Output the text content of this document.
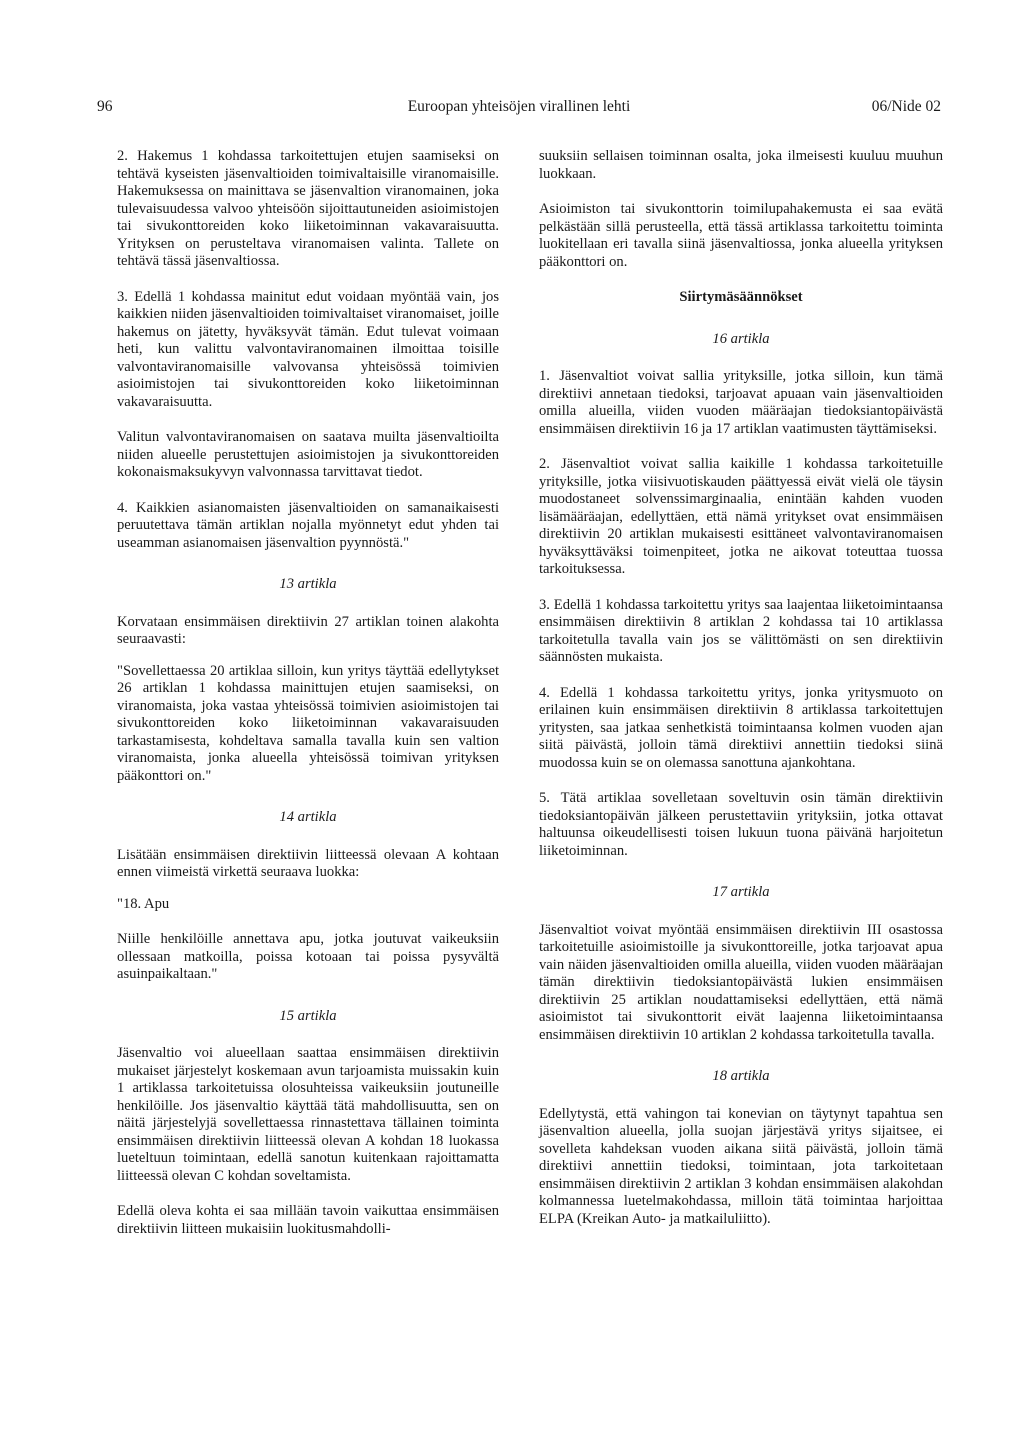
96	Euroopan yhteisöjen virallinen lehti	06/Nide 02

2. Hakemus 1 kohdassa tarkoitettujen etujen saamiseksi on tehtävä kyseisten jäsenvaltioiden toimivaltaisille viranomaisille. Hakemuksessa on mainittava se jäsenvaltion viranomainen, joka tulevaisuudessa valvoo yhteisöön sijoittautuneiden asioimistojen tai sivukonttoreiden koko liiketoiminnan vakavaraisuutta. Yrityksen on perusteltava viranomaisen valinta. Tallete on tehtävä tässä jäsenvaltiossa.

3. Edellä 1 kohdassa mainitut edut voidaan myöntää vain, jos kaikkien niiden jäsenvaltioiden toimivaltaiset viranomaiset, joille hakemus on jätetty, hyväksyvät tämän. Edut tulevat voimaan heti, kun valittu valvontaviranomainen ilmoittaa toisille valvontaviranomaisille valvovansa yhteisössä toimivien asioimistojen tai sivukonttoreiden koko liiketoiminnan vakavaraisuutta.

Valitun valvontaviranomaisen on saatava muilta jäsenvaltioilta niiden alueelle perustettujen asioimistojen ja sivukonttoreiden kokonaismaksukyvyn valvonnassa tarvittavat tiedot.

4. Kaikkien asianomaisten jäsenvaltioiden on samanaikaisesti peruutettava tämän artiklan nojalla myönnetyt edut yhden tai useamman asianomaisen jäsenvaltion pyynnöstä."

13 artikla

Korvataan ensimmäisen direktiivin 27 artiklan toinen alakohta seuraavasti:

"Sovellettaessa 20 artiklaa silloin, kun yritys täyttää edellytykset 26 artiklan 1 kohdassa mainittujen etujen saamiseksi, on viranomaista, joka vastaa yhteisössä toimivien asioimistojen tai sivukonttoreiden koko liiketoiminnan vakavaraisuuden tarkastamisesta, kohdeltava samalla tavalla kuin sen valtion viranomaista, jonka alueella yhteisössä toimivan yrityksen pääkonttori on."

14 artikla

Lisätään ensimmäisen direktiivin liitteessä olevaan A kohtaan ennen viimeistä virkettä seuraava luokka:

"18. Apu

Niille henkilöille annettava apu, jotka joutuvat vaikeuksiin ollessaan matkoilla, poissa kotoaan tai poissa pysyvältä asuinpaikaltaan."

15 artikla

Jäsenvaltio voi alueellaan saattaa ensimmäisen direktiivin mukaiset järjestelyt koskemaan avun tarjoamista muissakin kuin 1 artiklassa tarkoitetuissa olosuhteissa vaikeuksiin joutuneille henkilöille. Jos jäsenvaltio käyttää tätä mahdollisuutta, sen on näitä järjestelyjä sovellettaessa rinnastettava tällainen toiminta ensimmäisen direktiivin liitteessä olevan A kohdan 18 luokassa lueteltuun toimintaan, edellä sanotun kuitenkaan rajoittamatta liitteessä olevan C kohdan soveltamista.

Edellä oleva kohta ei saa millään tavoin vaikuttaa ensimmäisen direktiivin liitteen mukaisiin luokitusmahdolli-

suuksiin sellaisen toiminnan osalta, joka ilmeisesti kuuluu muuhun luokkaan.

Asioimiston tai sivukonttorin toimilupahakemusta ei saa evätä pelkästään sillä perusteella, että tässä artiklassa tarkoitettu toiminta luokitellaan eri tavalla siinä jäsenvaltiossa, jonka alueella yrityksen pääkonttori on.

Siirtymäsäännökset
16 artikla

1. Jäsenvaltiot voivat sallia yrityksille, jotka silloin, kun tämä direktiivi annetaan tiedoksi, tarjoavat apuaan vain jäsenvaltioiden omilla alueilla, viiden vuoden määräajan tiedoksiantopäivästä ensimmäisen direktiivin 16 ja 17 artiklan vaatimusten täyttämiseksi.

2. Jäsenvaltiot voivat sallia kaikille 1 kohdassa tarkoitetuille yrityksille, jotka viisivuotiskauden päättyessä eivät vielä ole täysin muodostaneet solvenssimarginaalia, enintään kahden vuoden lisämääräajan, edellyttäen, että nämä yritykset ovat ensimmäisen direktiivin 20 artiklan mukaisesti esittäneet valvontaviranomaisen hyväksyttäväksi toimenpiteet, jotka ne aikovat toteuttaa tuossa tarkoituksessa.

3. Edellä 1 kohdassa tarkoitettu yritys saa laajentaa liiketoimintaansa ensimmäisen direktiivin 8 artiklan 2 kohdassa tai 10 artiklassa tarkoitetulla tavalla vain jos se välittömästi on sen direktiivin säännösten mukaista.

4. Edellä 1 kohdassa tarkoitettu yritys, jonka yritysmuoto on erilainen kuin ensimmäisen direktiivin 8 artiklassa tarkoitettujen yritysten, saa jatkaa senhetkistä toimintaansa kolmen vuoden ajan siitä päivästä, jolloin tämä direktiivi annettiin tiedoksi siinä muodossa kuin se on olemassa sanottuna ajankohtana.

5. Tätä artiklaa sovelletaan soveltuvin osin tämän direktiivin tiedoksiantopäivän jälkeen perustettaviin yrityksiin, jotka ottavat haltuunsa oikeudellisesti toisen lukuun tuona päivänä harjoitetun liiketoiminnan.

17 artikla

Jäsenvaltiot voivat myöntää ensimmäisen direktiivin III osastossa tarkoitetuille asioimistoille ja sivukonttoreille, jotka tarjoavat apua vain näiden jäsenvaltioiden omilla alueilla, viiden vuoden määräajan tämän direktiivin tiedoksiantopäivästä lukien ensimmäisen direktiivin 25 artiklan noudattamiseksi edellyttäen, että nämä asioimistot tai sivukonttorit eivät laajenna liiketoimintaansa ensimmäisen direktiivin 10 artiklan 2 kohdassa tarkoitetulla tavalla.

18 artikla

Edellytystä, että vahingon tai konevian on täytynyt tapahtua sen jäsenvaltion alueella, jolla suojan järjestävä yritys sijaitsee, ei sovelleta kahdeksan vuoden aikana siitä päivästä, jolloin tämä direktiivi annettiin tiedoksi, toimintaan, jota tarkoitetaan ensimmäisen direktiivin 2 artiklan 3 kohdan ensimmäisen alakohdan kolmannessa luetelmakohdassa, milloin tätä toimintaa harjoittaa ELPA (Kreikan Auto- ja matkailuliitto).
